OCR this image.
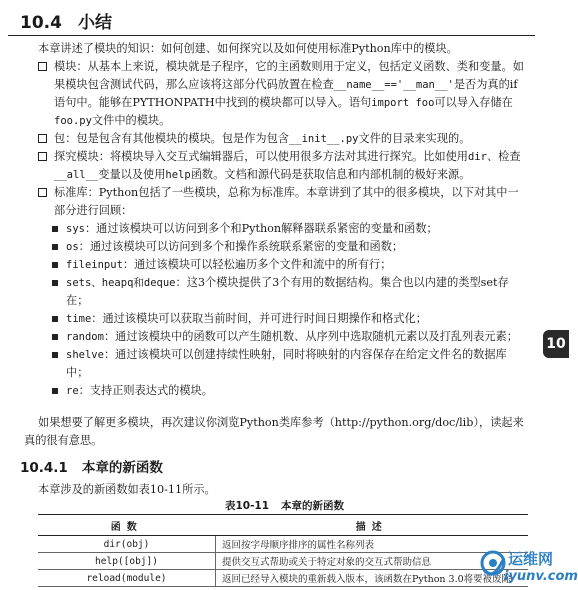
10.4 小结
本章讲述了模块的知识：如何创建、如何探究以及如何使用标准Python库中的模块。
模块：从基本上来说，模块就是子程序，它的主函数则用于定义，包括定义函数、类和变量。如果模块包含测试代码，那么应该将这部分代码放置在检查__name__=='__man__'是否为真的if语句中。能够在PYTHONPATH中找到的模块都可以导入。语句import foo可以导入存储在foo.py文件中的模块。
包：包是包含有其他模块的模块。包是作为包含__init__.py文件的目录来实现的。
探究模块：将模块导入交互式编辑器后，可以使用很多方法对其进行探究。比如使用dir、检查__all__变量以及使用help函数。文档和源代码是获取信息和内部机制的极好来源。
标准库：Python包括了一些模块，总称为标准库。本章讲到了其中的很多模块，以下对其中一部分进行回顾：
sys：通过该模块可以访问到多个和Python解释器联系紧密的变量和函数；
os：通过该模块可以访问到多个和操作系统联系紧密的变量和函数；
fileinput：通过该模块可以轻松遍历多个文件和流中的所有行；
sets、heapq和deque：这3个模块提供了3个有用的数据结构。集合也以内建的类型set存在；
time：通过该模块可以获取当前时间，并可进行时间日期操作和格式化；
random：通过该模块中的函数可以产生随机数、从序列中选取随机元素以及打乱列表元素；
shelve：通过该模块可以创建持续性映射，同时将映射的内容保存在给定文件名的数据库中；
re：支持正则表达式的模块。
如果想要了解更多模块，再次建议你浏览Python类库参考（http://python.org/doc/lib），读起来真的很有意思。
10.4.1 本章的新函数
本章涉及的新函数如表10-11所示。
表10-11 本章的新函数
函数	描述
dir(obj)	返回按字母顺序排序的属性名称列表
help([obj])	提供交互式帮助或关于特定对象的交互式帮助信息
reload(module)	返回已经导入模块的重新载入版本，该函数在Python 3.0将要被废除
10
运维网
iyunv.com
